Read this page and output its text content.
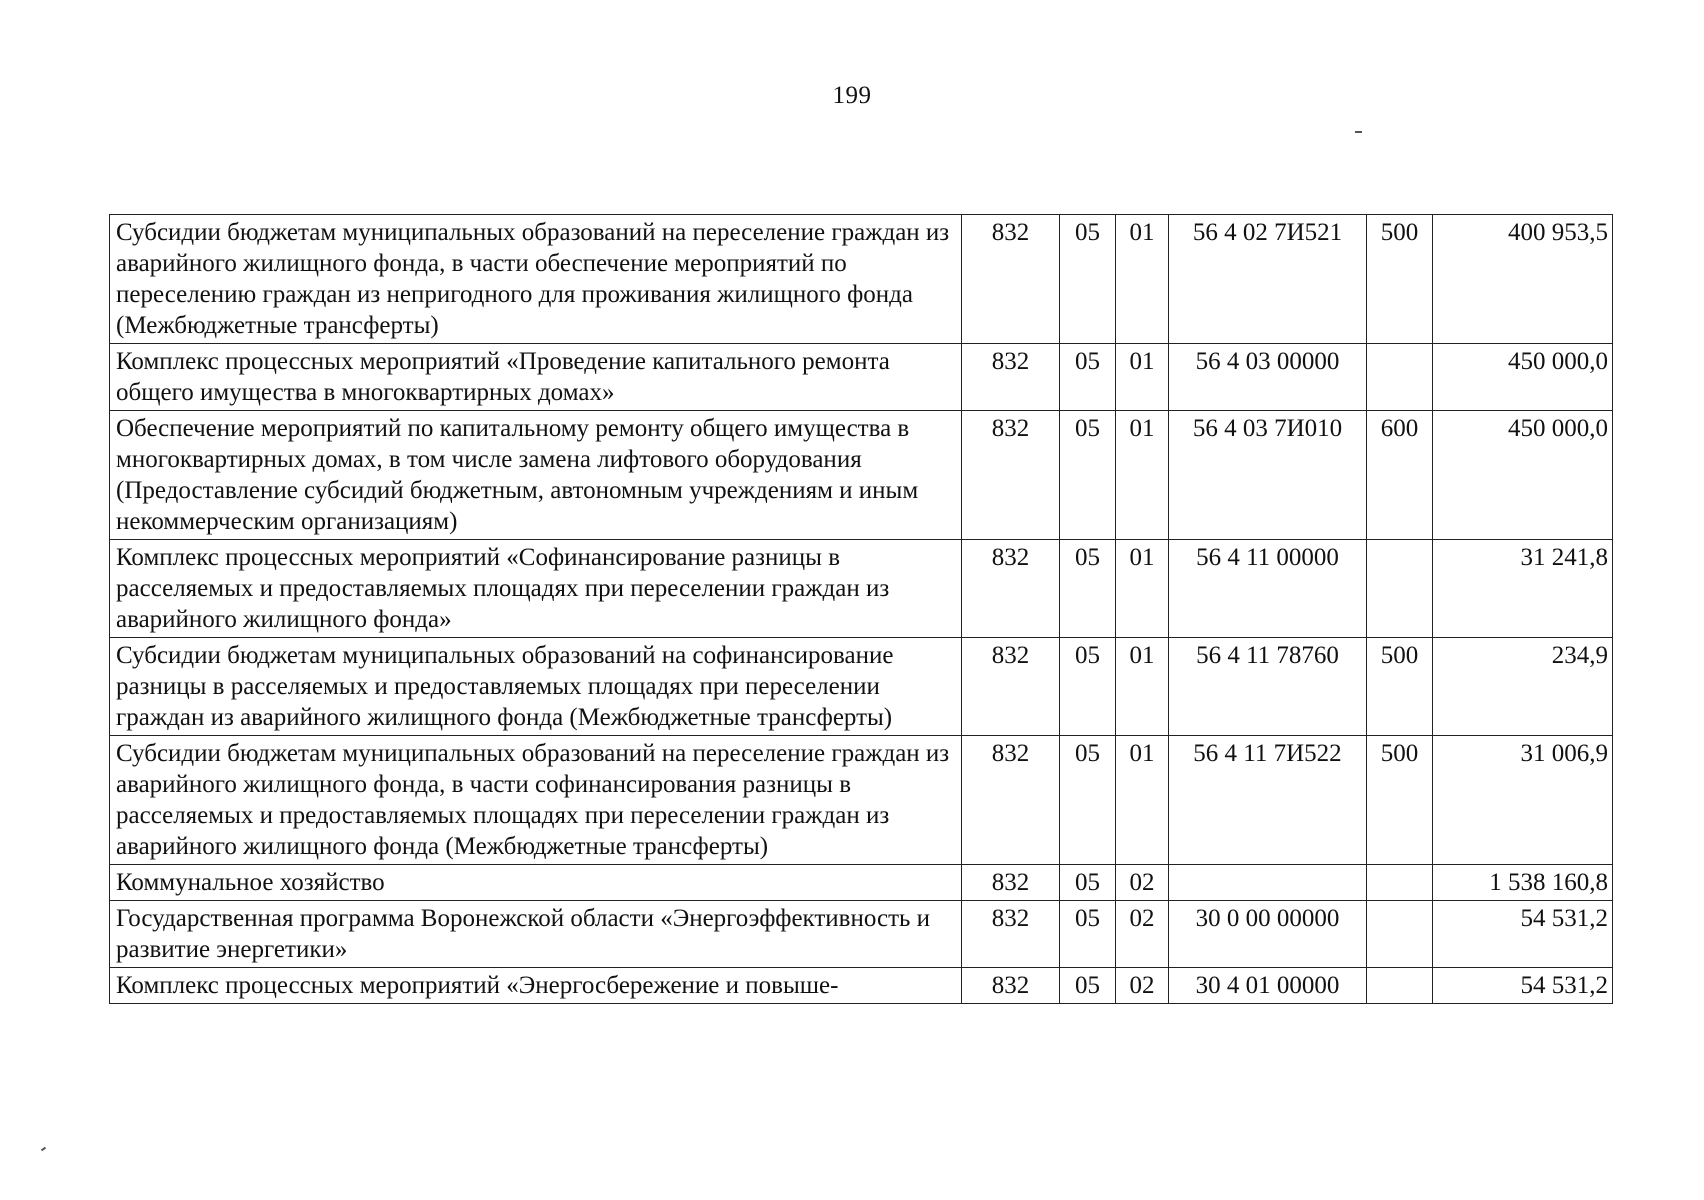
199
Субсидии бюджетам муниципальных образований на переселение граждан из аварийного жилищного фонда, в части обеспечение мероприятий по переселению граждан из непригодного для проживания жилищного фонда (Межбюджетные трансферты)	832	05	01	56 4 02 7И521	500	400 953,5
Комплекс процессных мероприятий «Проведение капитального ремонта общего имущества в многоквартирных домах»	832	05	01	56 4 03 00000		450 000,0
Обеспечение мероприятий по капитальному ремонту общего имущества в многоквартирных домах, в том числе замена лифтового оборудования (Предоставление субсидий бюджетным, автономным учреждениям и иным некоммерческим организациям)	832	05	01	56 4 03 7И010	600	450 000,0
Комплекс процессных мероприятий «Софинансирование разницы в расселяемых и предоставляемых площадях при переселении граждан из аварийного жилищного фонда»	832	05	01	56 4 11 00000		31 241,8
Субсидии бюджетам муниципальных образований на софинансирование разницы в расселяемых и предоставляемых площадях при переселении граждан из аварийного жилищного фонда (Межбюджетные трансферты)	832	05	01	56 4 11 78760	500	234,9
Субсидии бюджетам муниципальных образований на переселение граждан из аварийного жилищного фонда, в части софинансирования разницы в расселяемых и предоставляемых площадях при переселении граждан из аварийного жилищного фонда (Межбюджетные трансферты)	832	05	01	56 4 11 7И522	500	31 006,9
Коммунальное хозяйство	832	05	02			1 538 160,8
Государственная программа Воронежской области «Энергоэффективность и развитие энергетики»	832	05	02	30 0 00 00000		54 531,2
Комплекс процессных мероприятий «Энергосбережение и повыше-	832	05	02	30 4 01 00000		54 531,2
